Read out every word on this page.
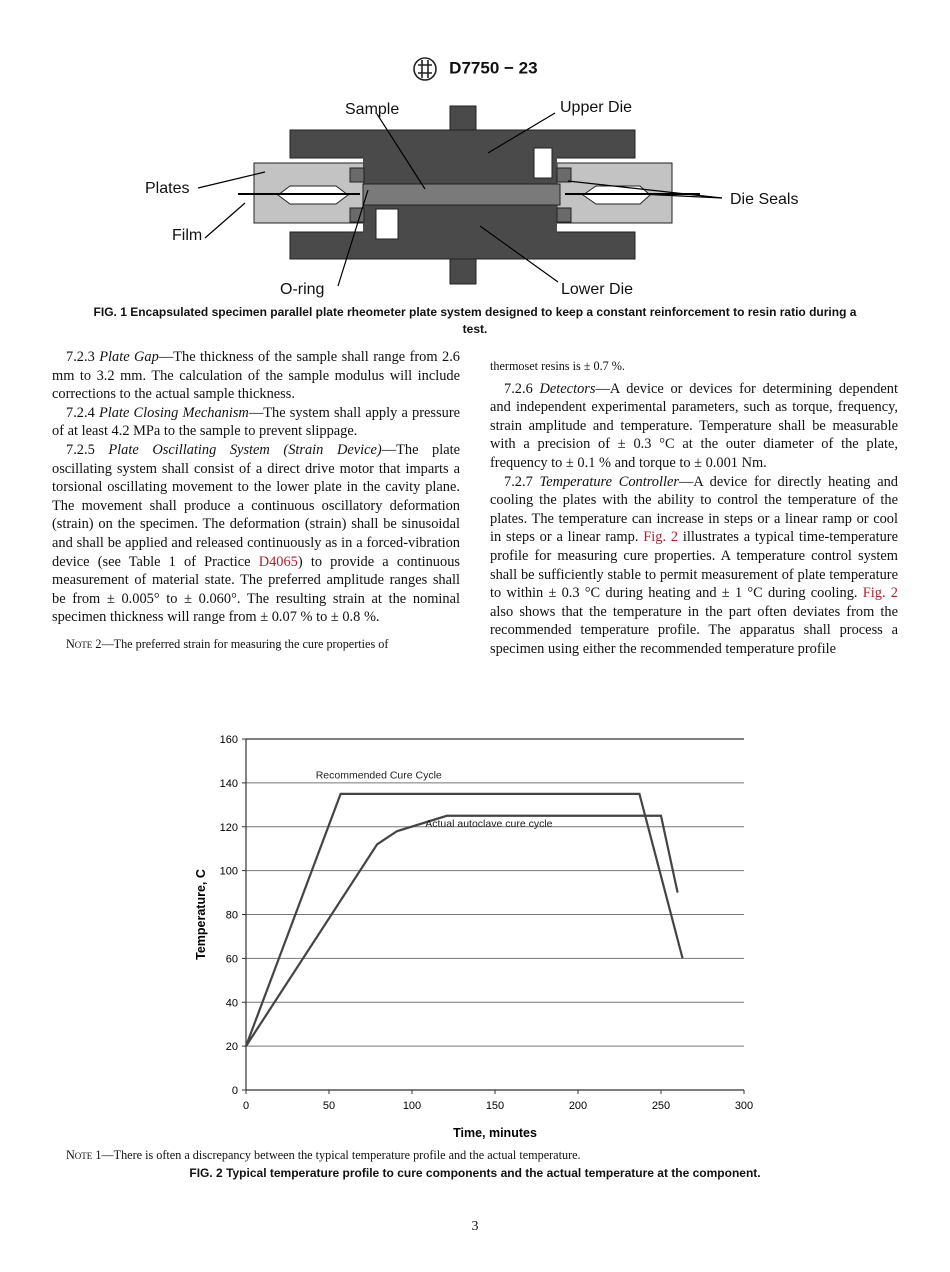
D7750 − 23
Sample	Upper Die
Plates
Film
O-ring	Lower Die
Die Seals
FIG. 1 Encapsulated specimen parallel plate rheometer plate system designed to keep a constant reinforcement to resin ratio during a
test.

7.2.3 Plate Gap—The thickness of the sample shall range from 2.6 mm to 3.2 mm. The calculation of the sample modulus will include corrections to the actual sample thickness.

7.2.4 Plate Closing Mechanism—The system shall apply a pressure of at least 4.2 MPa to the sample to prevent slippage.

7.2.5 Plate Oscillating System (Strain Device)—The plate oscillating system shall consist of a direct drive motor that imparts a torsional oscillating movement to the lower plate in the cavity plane. The movement shall produce a continuous oscillatory deformation (strain) on the specimen. The deformation (strain) shall be sinusoidal and shall be applied and released continuously as in a forced-vibration device (see Table 1 of Practice D4065) to provide a continuous measurement of material state. The preferred amplitude ranges shall be from ± 0.005° to ± 0.060°. The resulting strain at the nominal specimen thickness will range from ± 0.07 % to ± 0.8 %.

Note 2—The preferred strain for measuring the cure properties of
thermoset resins is ± 0.7 %.

7.2.6 Detectors—A device or devices for determining dependent and independent experimental parameters, such as torque, frequency, strain amplitude and temperature. Temperature shall be measurable with a precision of ± 0.3 °C at the outer diameter of the plate, frequency to ± 0.1 % and torque to ± 0.001 Nm.

7.2.7 Temperature Controller—A device for directly heating and cooling the plates with the ability to control the temperature of the plates. The temperature can increase in steps or a linear ramp or cool in steps or a linear ramp. Fig. 2 illustrates a typical time-temperature profile for measuring cure properties. A temperature control system shall be sufficiently stable to permit measurement of plate temperature to within ± 0.3 °C during heating and ± 1 °C during cooling. Fig. 2 also shows that the temperature in the part often deviates from the recommended temperature profile. The apparatus shall process a specimen using either the recommended temperature profile

0
20
40
60
80
100
120
140
160
0	50	100	150	200	250	300
Recommended Cure Cycle
Actual autoclave cure cycle
Time, minutes
Temperature, C
Note 1—There is often a discrepancy between the typical temperature profile and the actual temperature.
FIG. 2 Typical temperature profile to cure components and the actual temperature at the component.
3
